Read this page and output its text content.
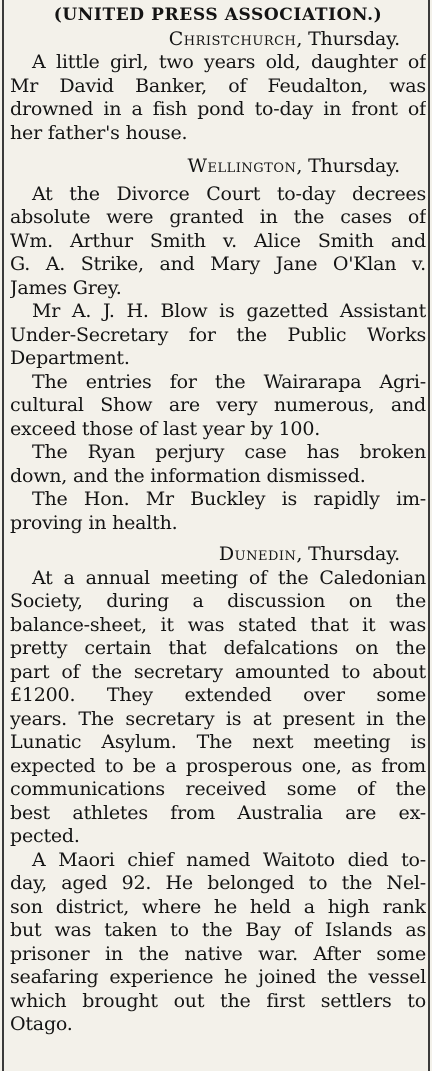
(UNITED PRESS ASSOCIATION.)
Christchurch, Thursday.
A little girl, two years old, daughter of
Mr David Banker, of Feudalton, was
drowned in a fish pond to-day in front of
her father's house.
Wellington, Thursday.
At the Divorce Court to-day decrees
absolute were granted in the cases of
Wm. Arthur Smith v. Alice Smith and
G. A. Strike, and Mary Jane O'Klan v.
James Grey.
Mr A. J. H. Blow is gazetted Assistant
Under-Secretary for the Public Works
Department.
The entries for the Wairarapa Agri-
cultural Show are very numerous, and
exceed those of last year by 100.
The Ryan perjury case has broken
down, and the information dismissed.
The Hon. Mr Buckley is rapidly im-
proving in health.
Dunedin, Thursday.
At a annual meeting of the Caledonian
Society, during a discussion on the
balance-sheet, it was stated that it was
pretty certain that defalcations on the
part of the secretary amounted to about
£1200. They extended over some
years. The secretary is at present in the
Lunatic Asylum. The next meeting is
expected to be a prosperous one, as from
communications received some of the
best athletes from Australia are ex-
pected.
A Maori chief named Waitoto died to-
day, aged 92. He belonged to the Nel-
son district, where he held a high rank
but was taken to the Bay of Islands as
prisoner in the native war. After some
seafaring experience he joined the vessel
which brought out the first settlers to
Otago.
